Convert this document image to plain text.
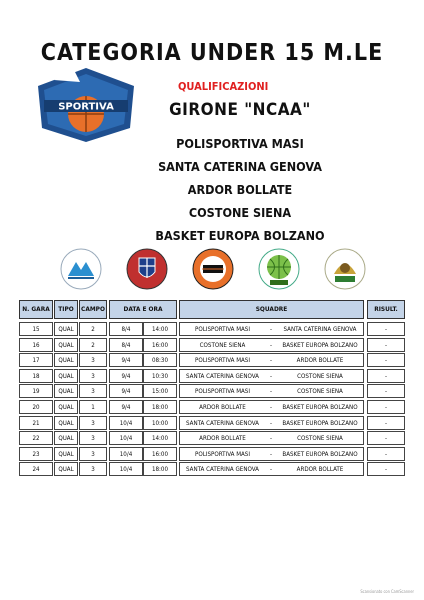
CATEGORIA UNDER 15 M.LE
SPORTIVA
QUALIFICAZIONI
GIRONE "NCAA"
POLISPORTIVA MASI
SANTA CATERINA GENOVA
ARDOR BOLLATE
COSTONE SIENA
BASKET EUROPA BOLZANO
N. GARA	TIPO	CAMPO	DATA E ORA	SQUADRE	RISULT.
15	QUAL	2	8/4	14:00	POLISPORTIVA MASI	-	SANTA CATERINA GENOVA	-
16	QUAL	2	8/4	16:00	COSTONE SIENA	-	BASKET EUROPA BOLZANO	-
17	QUAL	3	9/4	08:30	POLISPORTIVA MASI	-	ARDOR BOLLATE	-
18	QUAL	3	9/4	10:30	SANTA CATERINA GENOVA	-	COSTONE SIENA	-
19	QUAL	3	9/4	15:00	POLISPORTIVA MASI	-	COSTONE SIENA	-
20	QUAL	1	9/4	18:00	ARDOR BOLLATE	-	BASKET EUROPA BOLZANO	-
21	QUAL	3	10/4	10:00	SANTA CATERINA GENOVA	-	BASKET EUROPA BOLZANO	-
22	QUAL	3	10/4	14:00	ARDOR BOLLATE	-	COSTONE SIENA	-
23	QUAL	3	10/4	16:00	POLISPORTIVA MASI	-	BASKET EUROPA BOLZANO	-
24	QUAL	3	10/4	18:00	SANTA CATERINA GENOVA	-	ARDOR BOLLATE	-
Scansionato con CamScanner
